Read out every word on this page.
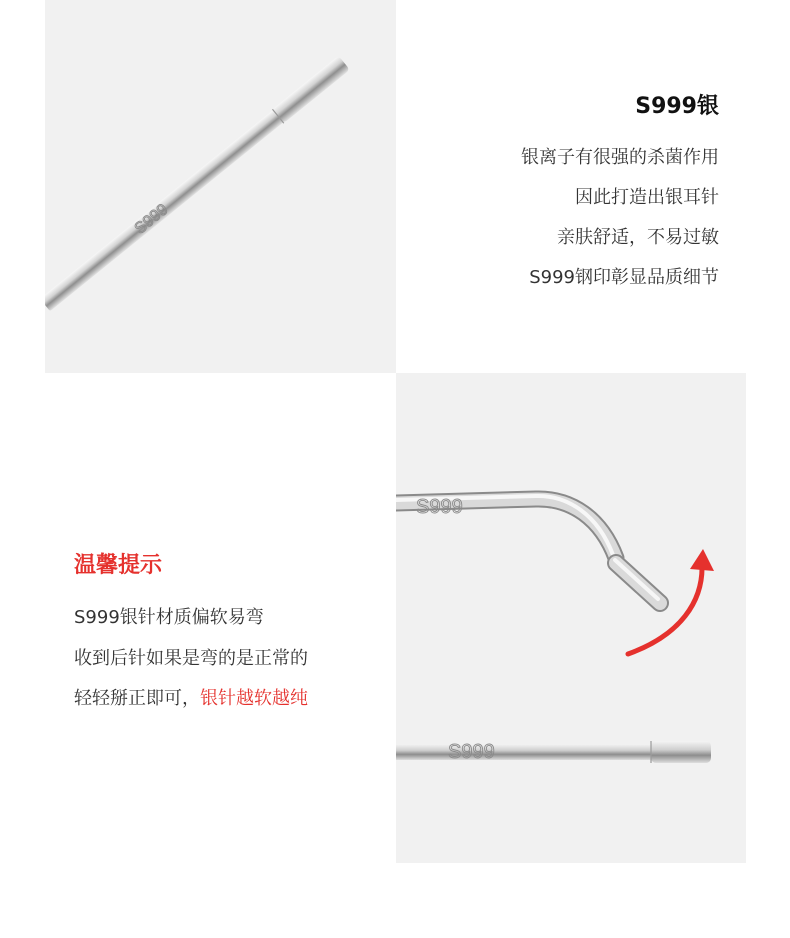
S999
S999银
银离子有很强的杀菌作用
因此打造出银耳针
亲肤舒适，不易过敏
S999钢印彰显品质细节
温馨提示
S999银针材质偏软易弯
收到后针如果是弯的是正常的
轻轻掰正即可，银针越软越纯
S999
S999
